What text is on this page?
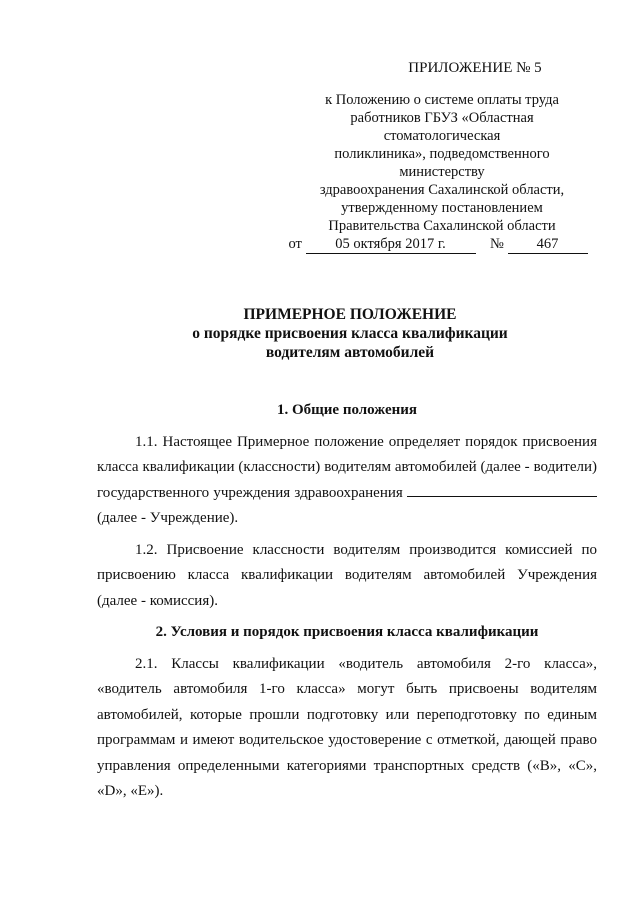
ПРИЛОЖЕНИЕ № 5
к Положению о системе оплаты труда
работников ГБУЗ «Областная стоматологическая
поликлиника», подведомственного министерству
здравоохранения Сахалинской области,
утвержденному постановлением
Правительства Сахалинской области
от 05 октября 2017 г.	№ 467
ПРИМЕРНОЕ ПОЛОЖЕНИЕ
о порядке присвоения класса квалификации
водителям автомобилей
1. Общие положения

1.1. Настоящее Примерное положение определяет порядок присвоения класса квалификации (классности) водителям автомобилей (далее - водители) государственного учреждения здравоохранения  (далее - Учреждение).

1.2. Присвоение классности водителям производится комиссией по присвоению класса квалификации водителям автомобилей Учреждения (далее - комиссия).

2. Условия и порядок присвоения класса квалификации

2.1. Классы квалификации «водитель автомобиля 2-го класса», «водитель автомобиля 1-го класса» могут быть присвоены водителям автомобилей, которые прошли подготовку или переподготовку по единым программам и имеют водительское удостоверение с отметкой, дающей право управления определенными категориями транспортных средств («B», «C», «D», «E»).
